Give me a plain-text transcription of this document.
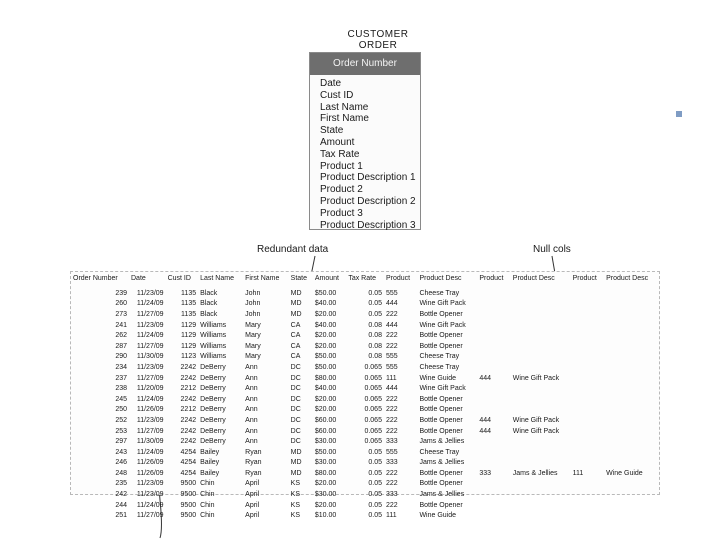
CUSTOMER ORDER
Order Number
Date
Cust ID
Last Name
First Name
State
Amount
Tax Rate
Product 1
Product Description 1
Product 2
Product Description 2
Product 3
Product Description 3
Redundant data	Null cols
Order Number	Date	Cust ID	Last Name	First Name	State	Amount	Tax Rate	Product	Product Desc	Product	Product Desc	Product	Product Desc
239	11/23/09	1135	Black	John	MD	$50.00	0.05	555	Cheese Tray				
260	11/24/09	1135	Black	John	MD	$40.00	0.05	444	Wine Gift Pack				
273	11/27/09	1135	Black	John	MD	$20.00	0.05	222	Bottle Opener				
241	11/23/09	1129	Williams	Mary	CA	$40.00	0.08	444	Wine Gift Pack				
262	11/24/09	1129	Williams	Mary	CA	$20.00	0.08	222	Bottle Opener				
287	11/27/09	1129	Williams	Mary	CA	$20.00	0.08	222	Bottle Opener				
290	11/30/09	1123	Williams	Mary	CA	$50.00	0.08	555	Cheese Tray				
234	11/23/09	2242	DeBerry	Ann	DC	$50.00	0.065	555	Cheese Tray				
237	11/27/09	2242	DeBerry	Ann	DC	$80.00	0.065	111	Wine Guide	444	Wine Gift Pack		
238	11/20/09	2212	DeBerry	Ann	DC	$40.00	0.065	444	Wine Gift Pack				
245	11/24/09	2242	DeBerry	Ann	DC	$20.00	0.065	222	Bottle Opener				
250	11/26/09	2212	DeBerry	Ann	DC	$20.00	0.065	222	Bottle Opener				
252	11/23/09	2242	DeBerry	Ann	DC	$60.00	0.065	222	Bottle Opener	444	Wine Gift Pack		
253	11/27/09	2242	DeBerry	Ann	DC	$60.00	0.065	222	Bottle Opener	444	Wine Gift Pack		
297	11/30/09	2242	DeBerry	Ann	DC	$30.00	0.065	333	Jams & Jellies				
243	11/24/09	4254	Bailey	Ryan	MD	$50.00	0.05	555	Cheese Tray				
246	11/26/09	4254	Bailey	Ryan	MD	$30.00	0.05	333	Jams & Jellies				
248	11/26/09	4254	Bailey	Ryan	MD	$80.00	0.05	222	Bottle Opener	333	Jams & Jellies	111	Wine Guide
235	11/23/09	9500	Chin	April	KS	$20.00	0.05	222	Bottle Opener				
242	11/23/09	9500	Chin	April	KS	$30.00	0.05	333	Jams & Jellies				
244	11/24/09	9500	Chin	April	KS	$20.00	0.05	222	Bottle Opener				
251	11/27/09	9500	Chin	April	KS	$10.00	0.05	111	Wine Guide				
